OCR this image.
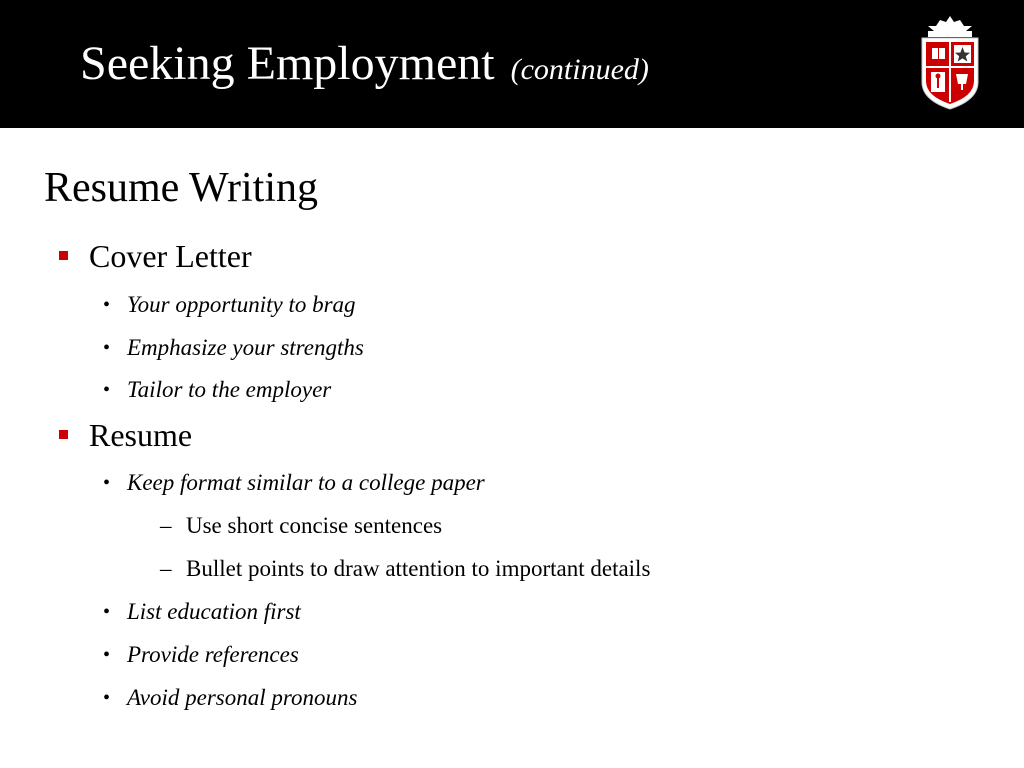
Seeking Employment (continued)
Resume Writing
Cover Letter
• Your opportunity to brag
• Emphasize your strengths
• Tailor to the employer
Resume
• Keep format similar to a college paper
– Use short concise sentences
– Bullet points to draw attention to important details
• List education first
• Provide references
• Avoid personal pronouns
